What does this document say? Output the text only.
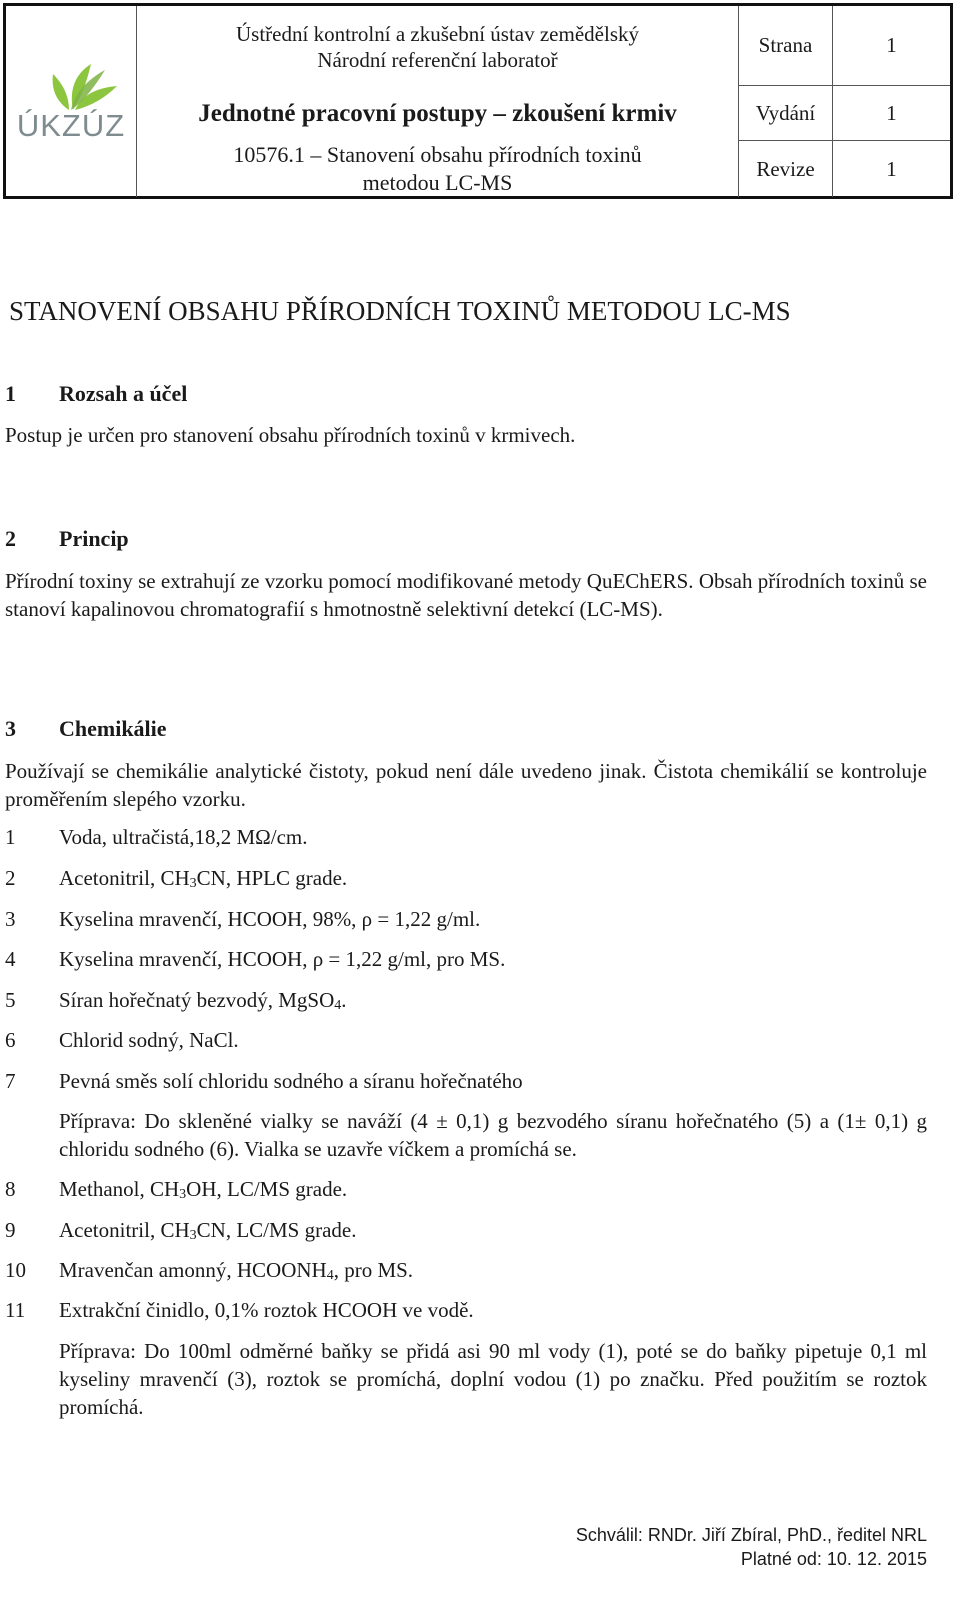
ÚKZÚZ
Ústřední kontrolní a zkušební ústav zemědělský
Národní referenční laboratoř
Jednotné pracovní postupy – zkoušení krmiv
10576.1 – Stanovení obsahu přírodních toxinů
metodou LC-MS
Strana	1
Vydání	1
Revize	1
STANOVENÍ OBSAHU PŘÍRODNÍCH TOXINŮ METODOU LC-MS
1 Rozsah a účel
Postup je určen pro stanovení obsahu přírodních toxinů v krmivech.
2 Princip
Přírodní toxiny se extrahují ze vzorku pomocí modifikované metody QuEChERS. Obsah přírodních toxinů se stanoví kapalinovou chromatografií s hmotnostně selektivní detekcí (LC-MS).
3 Chemikálie
Používají se chemikálie analytické čistoty, pokud není dále uvedeno jinak. Čistota chemikálií se kontroluje proměřením slepého vzorku.
1 Voda, ultračistá,18,2 MΩ/cm.
2 Acetonitril, $CH_3CN$, HPLC grade.
3 Kyselina mravenčí, HCOOH, 98%, ρ = 1,22 g/ml.
4 Kyselina mravenčí, HCOOH, ρ = 1,22 g/ml, pro MS.
5 Síran hořečnatý bezvodý, MgSO$_4$.
6 Chlorid sodný, NaCl.
7 Pevná směs solí chloridu sodného a síranu hořečnatého
Příprava: Do skleněné vialky se naváží (4 ± 0,1) g bezvodého síranu hořečnatého (5) a (1± 0,1) g chloridu sodného (6). Vialka se uzavře víčkem a promíchá se.
8 Methanol, $CH_3OH$, LC/MS grade.
9 Acetonitril, $CH_3CN$, LC/MS grade.
10 Mravenčan amonný, $HCOONH_4$, pro MS.
11 Extrakční činidlo, 0,1% roztok HCOOH ve vodě.
Příprava: Do 100ml odměrné baňky se přidá asi 90 ml vody (1), poté se do baňky pipetuje 0,1 ml kyseliny mravenčí (3), roztok se promíchá, doplní vodou (1) po značku. Před použitím se roztok promíchá.
Schválil: RNDr. Jiří Zbíral, PhD., ředitel NRL
Platné od: 10. 12. 2015
